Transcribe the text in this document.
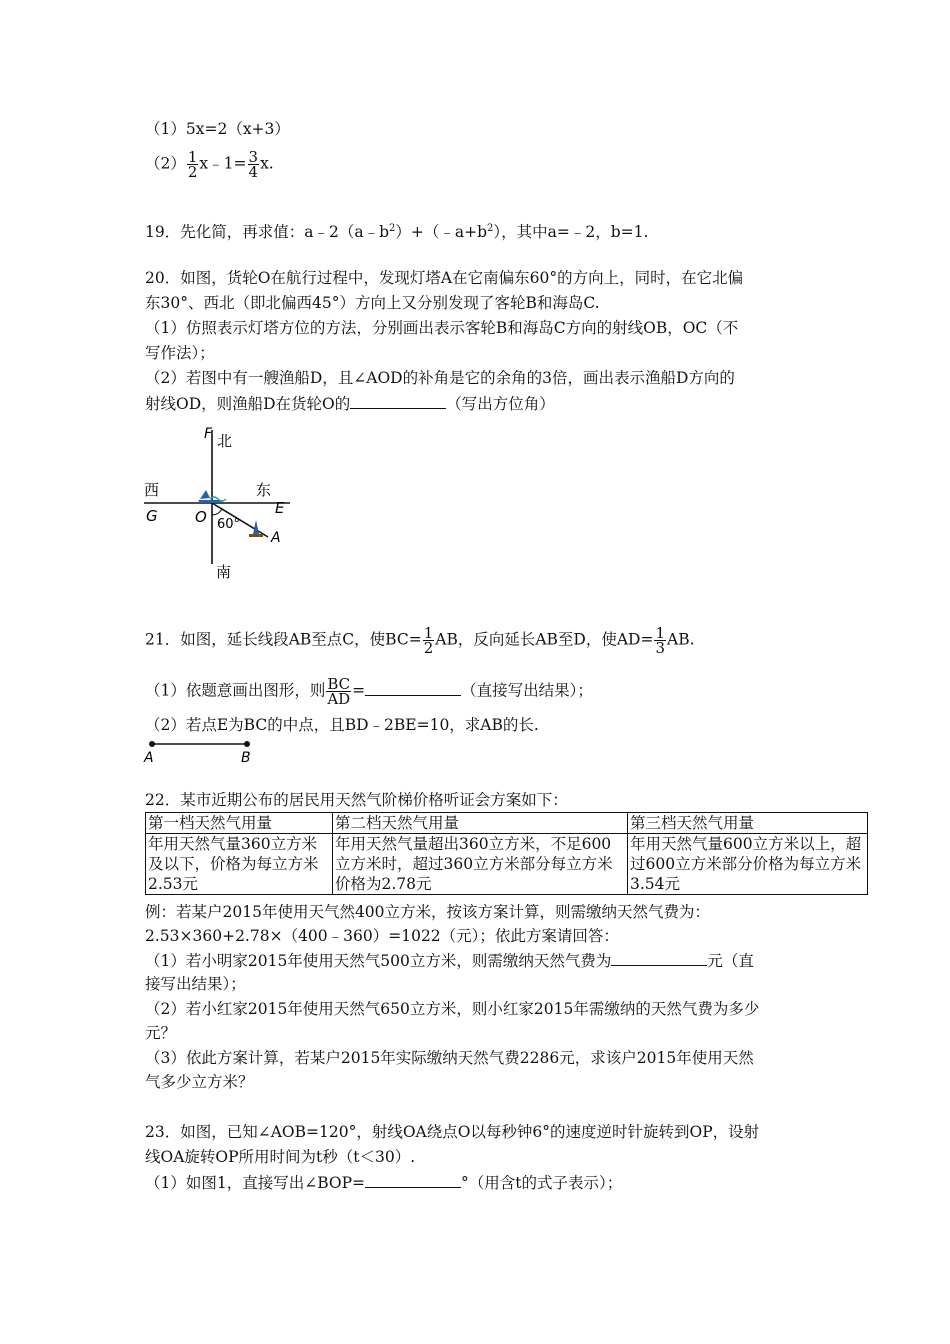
（1）5x=2（x+3）
$(2) \frac{1}{2}$ x﹣1= $\frac{3}{4} x$.
19．先化简，再求值：$a﹣2(a﹣b^2)+(﹣a+b^2)$，其中a=﹣2，b=1.
20．如图，货轮O在航行过程中，发现灯塔A在它南偏东60°的方向上，同时，在它北偏
东30°、西北（即北偏西45°）方向上又分别发现了客轮B和海岛C.
（1）仿照表示灯塔方位的方法，分别画出表示客轮B和海岛C方向的射线OB，OC（不
写作法）；
（2）若图中有一艘渔船D，且∠AOD的补角是它的余角的3倍，画出表示渔船D方向的
射线OD，则渔船D在货轮O的	（写出方位角）
F 北
西
G O
东
E
60°
A
南
21．如图，延长线段AB至点C，使$BC= \frac{1}{2}$ AB，反向延长AB至D，使$AD= \frac{1}{3}$ AB.
（1）依题意画出图形，则 $\frac{BC}{AD}$ =	（直接写出结果）；
（2）若点E为BC的中点，且BD﹣2BE=10，求AB的长.
A	B
22．某市近期公布的居民用天然气阶梯价格听证会方案如下：
第一档天然气用量	第二档天然气用量	第三档天然气用量
年用天然气量360立方米及以下，价格为每立方米2.53元	年用天然气量超出360立方米，不足600立方米时，超过360立方米部分每立方米价格为2.78元	年用天然气量600立方米以上，超过600立方米部分价格为每立方米3.54元
例：若某户2015年使用天气然400立方米，按该方案计算，则需缴纳天然气费为：
2.53×360+2.78×（400﹣360）=1022（元）；依此方案请回答：
（1）若小明家2015年使用天然气500立方米，则需缴纳天然气费为	元（直
接写出结果）；
（2）若小红家2015年使用天然气650立方米，则小红家2015年需缴纳的天然气费为多少
元？
（3）依此方案计算，若某户2015年实际缴纳天然气费2286元，求该户2015年使用天然
气多少立方米？
23．如图，已知∠AOB=120°，射线OA绕点O以每秒钟6°的速度逆时针旋转到OP，设射
线OA旋转OP所用时间为t秒（t＜30）.
（1）如图1，直接写出∠BOP=	°（用含t的式子表示）；
